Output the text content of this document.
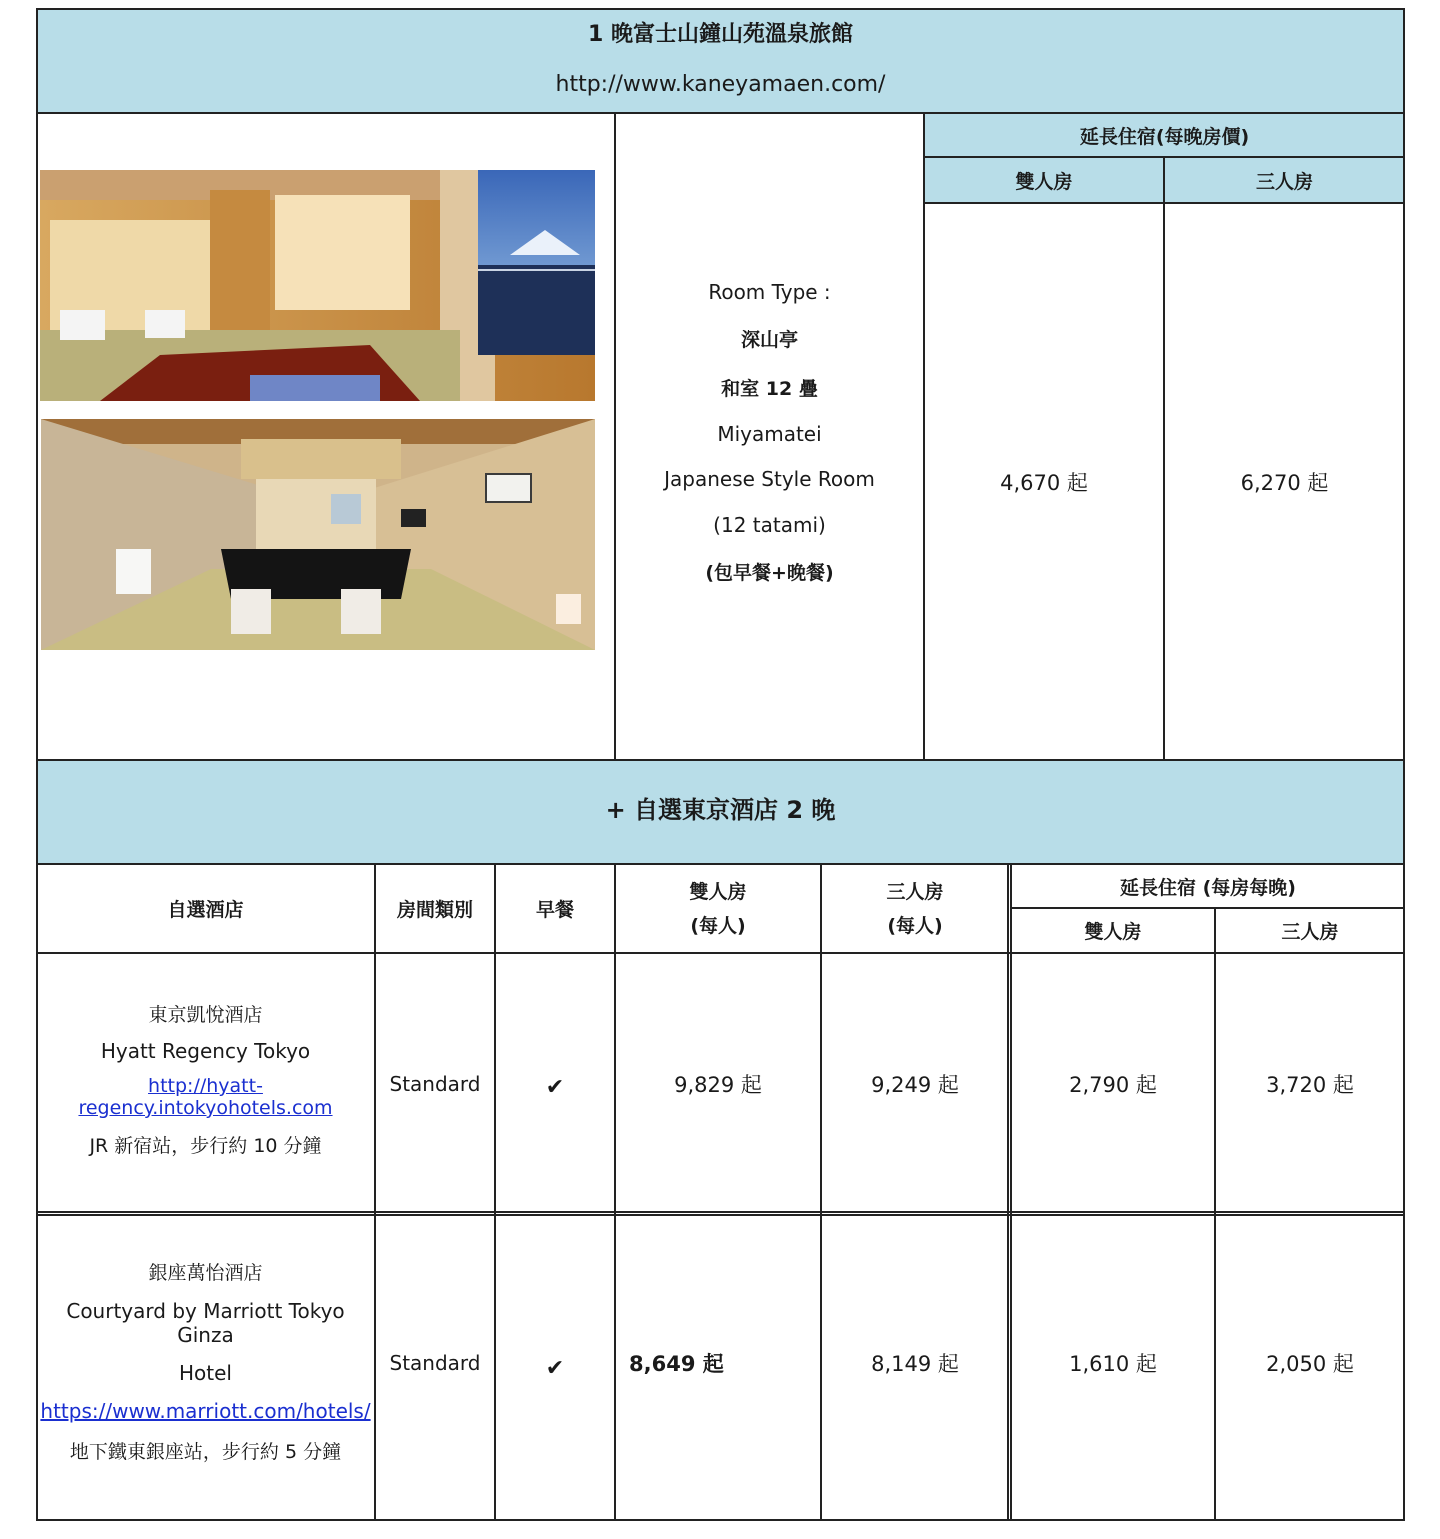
1 晚富士山鐘山苑溫泉旅館
http://www.kaneyamaen.com/
延長住宿(每晚房價)
雙人房	三人房
Room Type :
深山亭
和室 12 疊
Miyamatei
Japanese Style Room
(12 tatami)
(包早餐+晚餐)
4,670 起	6,270 起
+ 自選東京酒店 2 晚
自選酒店	房間類別	早餐
雙人房
(每人)
三人房
(每人)
延長住宿 (每房每晚)
雙人房	三人房
東京凱悅酒店
Hyatt Regency Tokyo
http://hyatt-regency.intokyohotels.com
JR 新宿站，步行約 10 分鐘
Standard	✔	9,829 起	9,249 起	2,790 起	3,720 起
銀座萬怡酒店
Courtyard by Marriott Tokyo Ginza
Hotel
https://www.marriott.com/hotels/
地下鐵東銀座站，步行約 5 分鐘
Standard	✔	8,649 起	8,149 起	1,610 起	2,050 起
